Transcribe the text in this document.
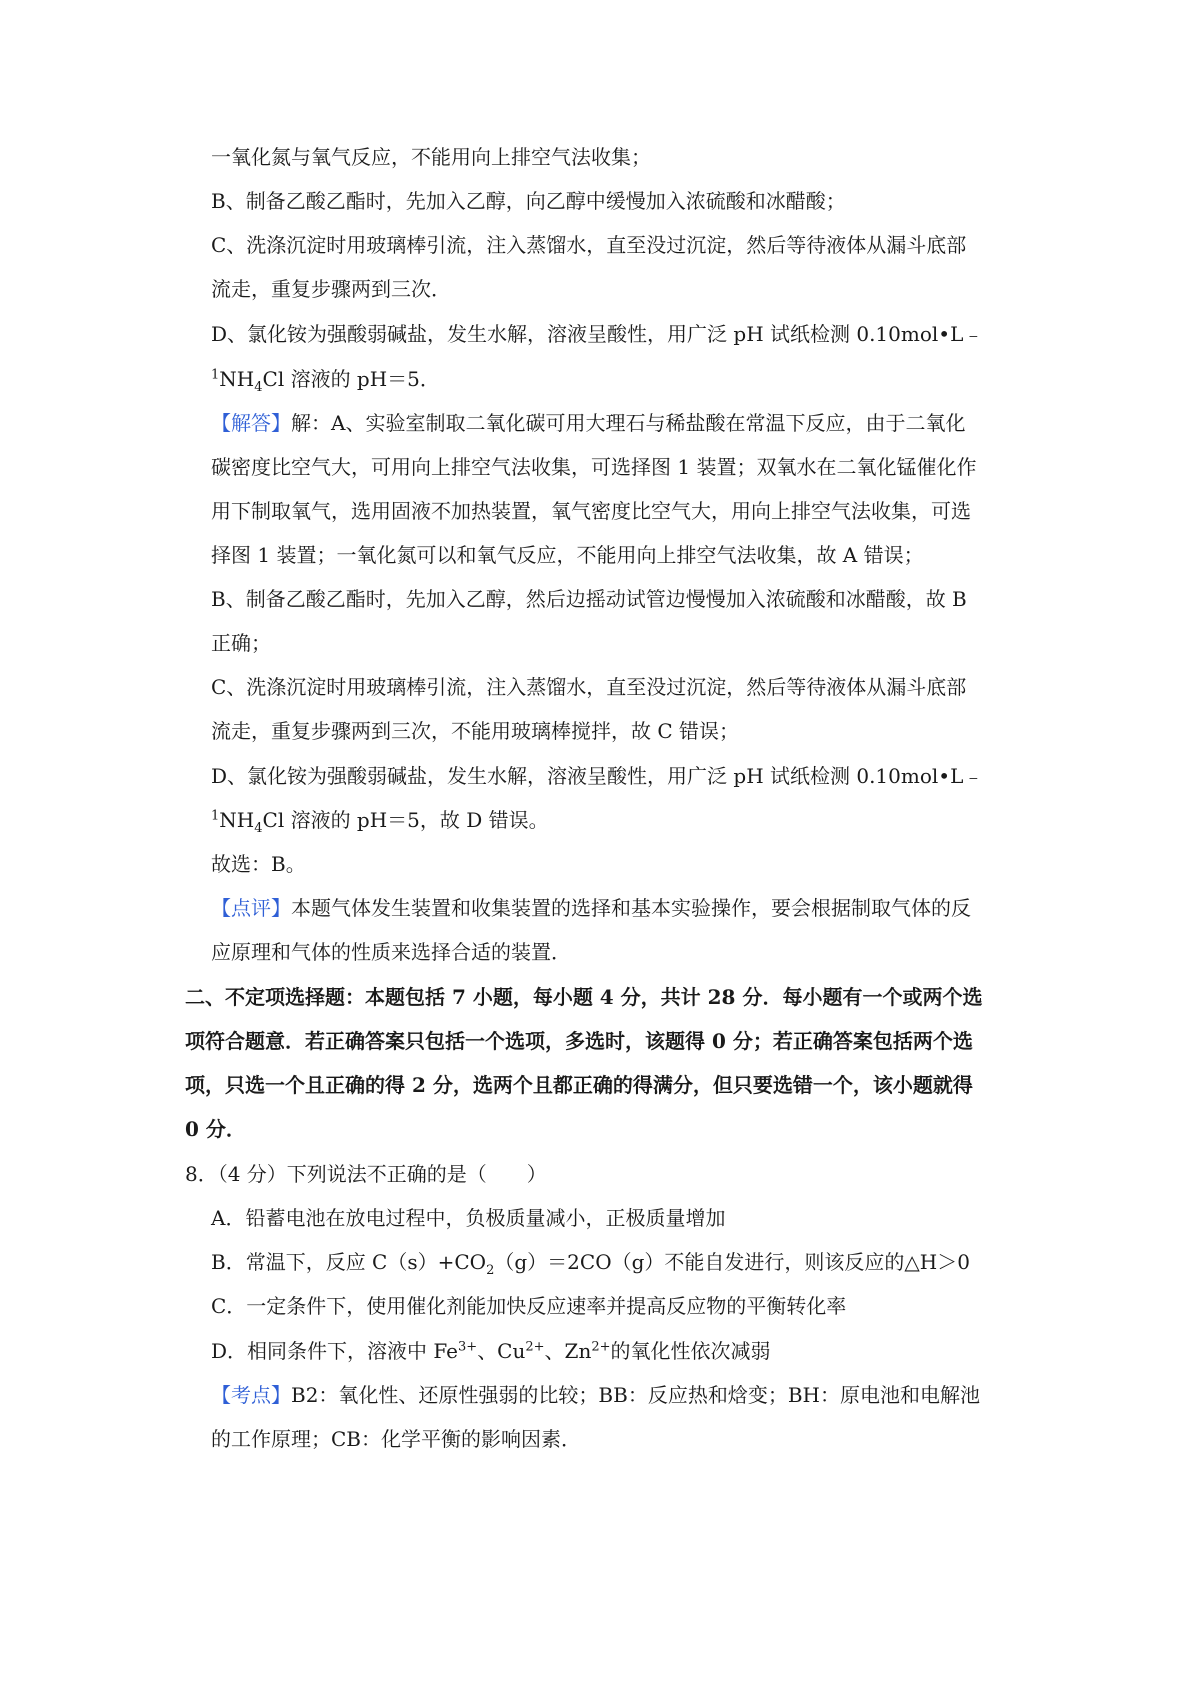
一氧化氮与氧气反应，不能用向上排空气法收集；
B、制备乙酸乙酯时，先加入乙醇，向乙醇中缓慢加入浓硫酸和冰醋酸；
C、洗涤沉淀时用玻璃棒引流，注入蒸馏水，直至没过沉淀，然后等待液体从漏斗底部
流走，重复步骤两到三次．
D、氯化铵为强酸弱碱盐，发生水解，溶液呈酸性，用广泛 pH 试纸检测 0.10mol•L﹣
$^1NH_4Cl$ 溶液的 pH＝5．
【解答】解：A、实验室制取二氧化碳可用大理石与稀盐酸在常温下反应，由于二氧化
碳密度比空气大，可用向上排空气法收集，可选择图 1 装置；双氧水在二氧化锰催化作
用下制取氧气，选用固液不加热装置，氧气密度比空气大，用向上排空气法收集，可选
择图 1 装置；一氧化氮可以和氧气反应，不能用向上排空气法收集，故 A 错误；
B、制备乙酸乙酯时，先加入乙醇，然后边摇动试管边慢慢加入浓硫酸和冰醋酸，故 B
正确；
C、洗涤沉淀时用玻璃棒引流，注入蒸馏水，直至没过沉淀，然后等待液体从漏斗底部
流走，重复步骤两到三次，不能用玻璃棒搅拌，故 C 错误；
D、氯化铵为强酸弱碱盐，发生水解，溶液呈酸性，用广泛 pH 试纸检测 0.10mol•L﹣
$^1NH_4Cl$ 溶液的 pH＝5，故 D 错误。
故选：B。
【点评】本题气体发生装置和收集装置的选择和基本实验操作，要会根据制取气体的反
应原理和气体的性质来选择合适的装置．
二、不定项选择题：本题包括 7 小题，每小题 4 分，共计 28 分．每小题有一个或两个选
项符合题意．若正确答案只包括一个选项，多选时，该题得 0 分；若正确答案包括两个选
项，只选一个且正确的得 2 分，选两个且都正确的得满分，但只要选错一个，该小题就得
0 分．
8．（4 分）下列说法不正确的是（　　）
A．铅蓄电池在放电过程中，负极质量减小，正极质量增加
B．常温下，反应 $C(s)+CO_2(g)=2CO(g)$不能自发进行，则该反应的△H＞0
C．一定条件下，使用催化剂能加快反应速率并提高反应物的平衡转化率
D．相同条件下，溶液中 $Fe^{3+}$、$Cu^{2+}$、$Zn^{2+}$的氧化性依次减弱
【考点】B2：氧化性、还原性强弱的比较；BB：反应热和焓变；BH：原电池和电解池
的工作原理；CB：化学平衡的影响因素．
